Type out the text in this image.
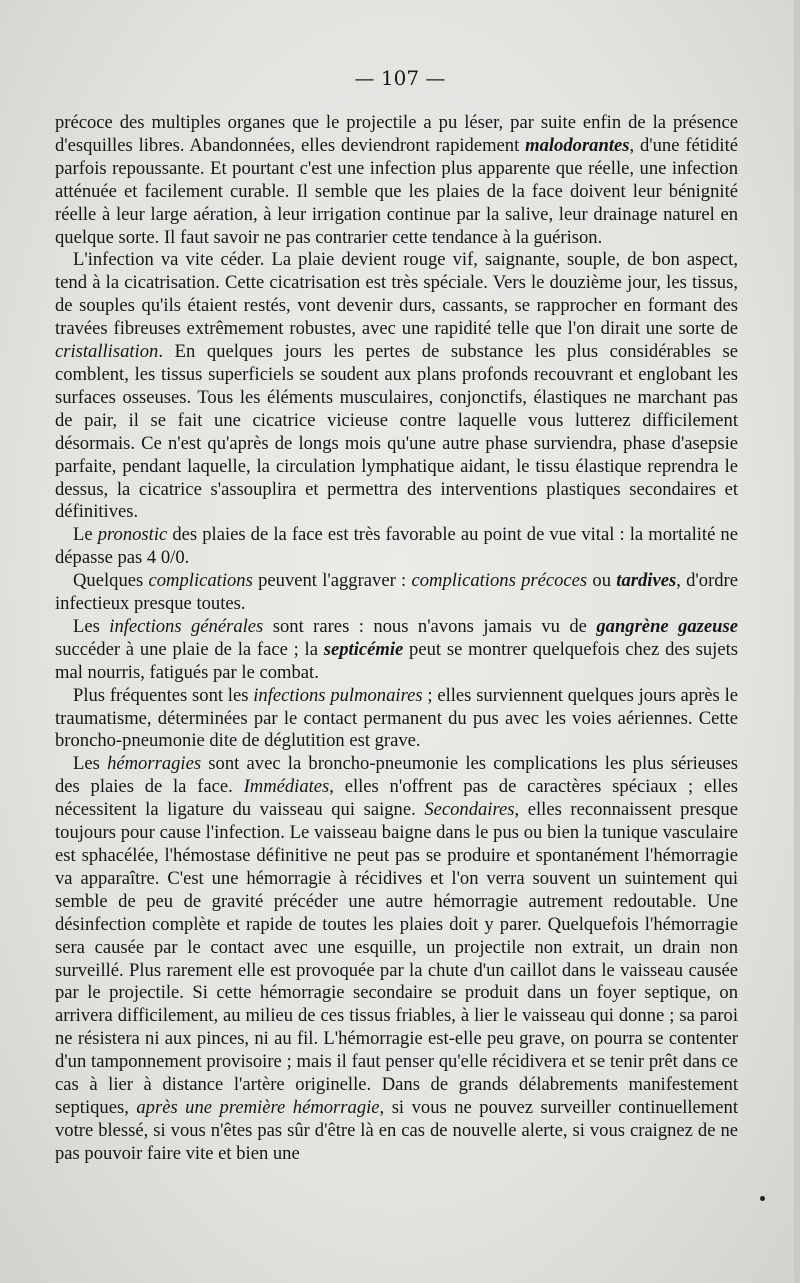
— 107 —

précoce des multiples organes que le projectile a pu léser, par suite enfin de la présence d'esquilles libres. Abandonnées, elles deviendront rapidement malodorantes, d'une fétidité parfois repoussante. Et pourtant c'est une infection plus apparente que réelle, une infection atténuée et facilement curable. Il semble que les plaies de la face doivent leur bénignité réelle à leur large aération, à leur irrigation continue par la salive, leur drainage naturel en quelque sorte. Il faut savoir ne pas contrarier cette tendance à la guérison.

L'infection va vite céder. La plaie devient rouge vif, saignante, souple, de bon aspect, tend à la cicatrisation. Cette cicatrisation est très spéciale. Vers le douzième jour, les tissus, de souples qu'ils étaient restés, vont devenir durs, cassants, se rapprocher en formant des travées fibreuses extrêmement robustes, avec une rapidité telle que l'on dirait une sorte de cristallisation. En quelques jours les pertes de substance les plus considérables se comblent, les tissus superficiels se soudent aux plans profonds recouvrant et englobant les surfaces osseuses. Tous les éléments musculaires, conjonctifs, élastiques ne marchant pas de pair, il se fait une cicatrice vicieuse contre laquelle vous lutterez difficilement désormais. Ce n'est qu'après de longs mois qu'une autre phase surviendra, phase d'asepsie parfaite, pendant laquelle, la circulation lymphatique aidant, le tissu élastique reprendra le dessus, la cicatrice s'assouplira et permettra des interventions plastiques secondaires et définitives.

Le pronostic des plaies de la face est très favorable au point de vue vital : la mortalité ne dépasse pas 4 0/0.

Quelques complications peuvent l'aggraver : complications précoces ou tardives, d'ordre infectieux presque toutes.

Les infections générales sont rares : nous n'avons jamais vu de gangrène gazeuse succéder à une plaie de la face ; la septicémie peut se montrer quelquefois chez des sujets mal nourris, fatigués par le combat.

Plus fréquentes sont les infections pulmonaires ; elles surviennent quelques jours après le traumatisme, déterminées par le contact permanent du pus avec les voies aériennes. Cette broncho-pneumonie dite de déglutition est grave.

Les hémorragies sont avec la broncho-pneumonie les complications les plus sérieuses des plaies de la face. Immédiates, elles n'offrent pas de caractères spéciaux ; elles nécessitent la ligature du vaisseau qui saigne. Secondaires, elles reconnaissent presque toujours pour cause l'infection. Le vaisseau baigne dans le pus ou bien la tunique vasculaire est sphacélée, l'hémostase définitive ne peut pas se produire et spontanément l'hémorragie va apparaître. C'est une hémorragie à récidives et l'on verra souvent un suintement qui semble de peu de gravité précéder une autre hémorragie autrement redoutable. Une désinfection complète et rapide de toutes les plaies doit y parer. Quelquefois l'hémorragie sera causée par le contact avec une esquille, un projectile non extrait, un drain non surveillé. Plus rarement elle est provoquée par la chute d'un caillot dans le vaisseau causée par le projectile. Si cette hémorragie secondaire se produit dans un foyer septique, on arrivera difficilement, au milieu de ces tissus friables, à lier le vaisseau qui donne ; sa paroi ne résistera ni aux pinces, ni au fil. L'hémorragie est-elle peu grave, on pourra se contenter d'un tamponnement provisoire ; mais il faut penser qu'elle récidivera et se tenir prêt dans ce cas à lier à distance l'artère originelle. Dans de grands délabrements manifestement septiques, après une première hémorragie, si vous ne pouvez surveiller continuellement votre blessé, si vous n'êtes pas sûr d'être là en cas de nouvelle alerte, si vous craignez de ne pas pouvoir faire vite et bien une
